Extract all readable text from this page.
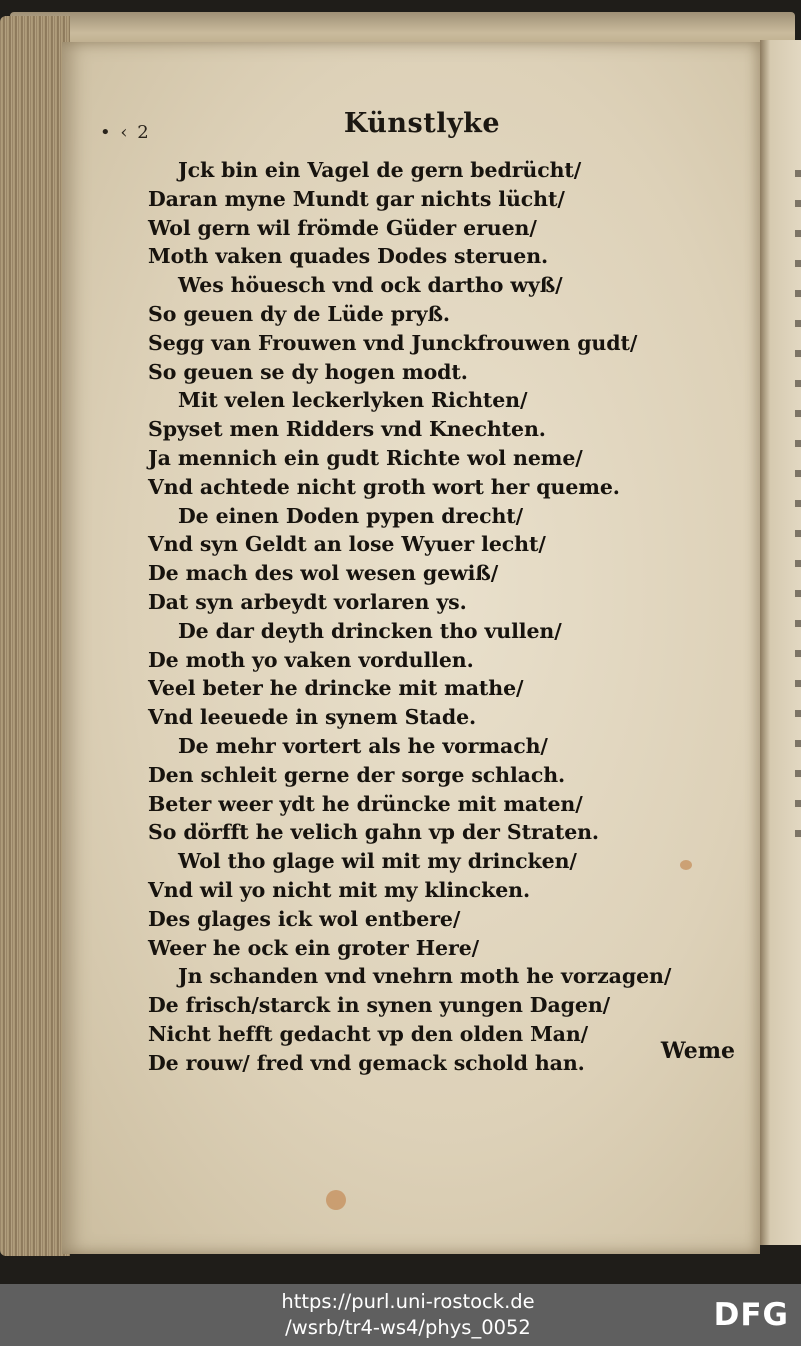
• ‹ 2	Künstlyke
Jck bin ein Vagel de gern bedrücht/
Daran myne Mundt gar nichts lücht/
Wol gern wil frömde Güder eruen/
Moth vaken quades Dodes steruen.
Wes höuesch vnd ock dartho wyß/
So geuen dy de Lüde pryß.
Segg van Frouwen vnd Junckfrouwen gudt/
So geuen se dy hogen modt.
Mit velen leckerlyken Richten/
Spyset men Ridders vnd Knechten.
Ja mennich ein gudt Richte wol neme/
Vnd achtede nicht groth wort her queme.
De einen Doden pypen drecht/
Vnd syn Geldt an lose Wyuer lecht/
De mach des wol wesen gewiß/
Dat syn arbeydt vorlaren ys.
De dar deyth drincken tho vullen/
De moth yo vaken vordullen.
Veel beter he drincke mit mathe/
Vnd leeuede in synem Stade.
De mehr vortert als he vormach/
Den schleit gerne der sorge schlach.
Beter weer ydt he drüncke mit maten/
So dörfft he velich gahn vp der Straten.
Wol tho glage wil mit my drincken/
Vnd wil yo nicht mit my klincken.
Des glages ick wol entbere/
Weer he ock ein groter Here/
Jn schanden vnd vnehrn moth he vorzagen/
De frisch/starck in synen yungen Dagen/
Nicht hefft gedacht vp den olden Man/
De rouw/ fred vnd gemack schold han.	Weme
https://purl.uni-rostock.de
/wsrb/tr4-ws4/phys_0052	DFG
